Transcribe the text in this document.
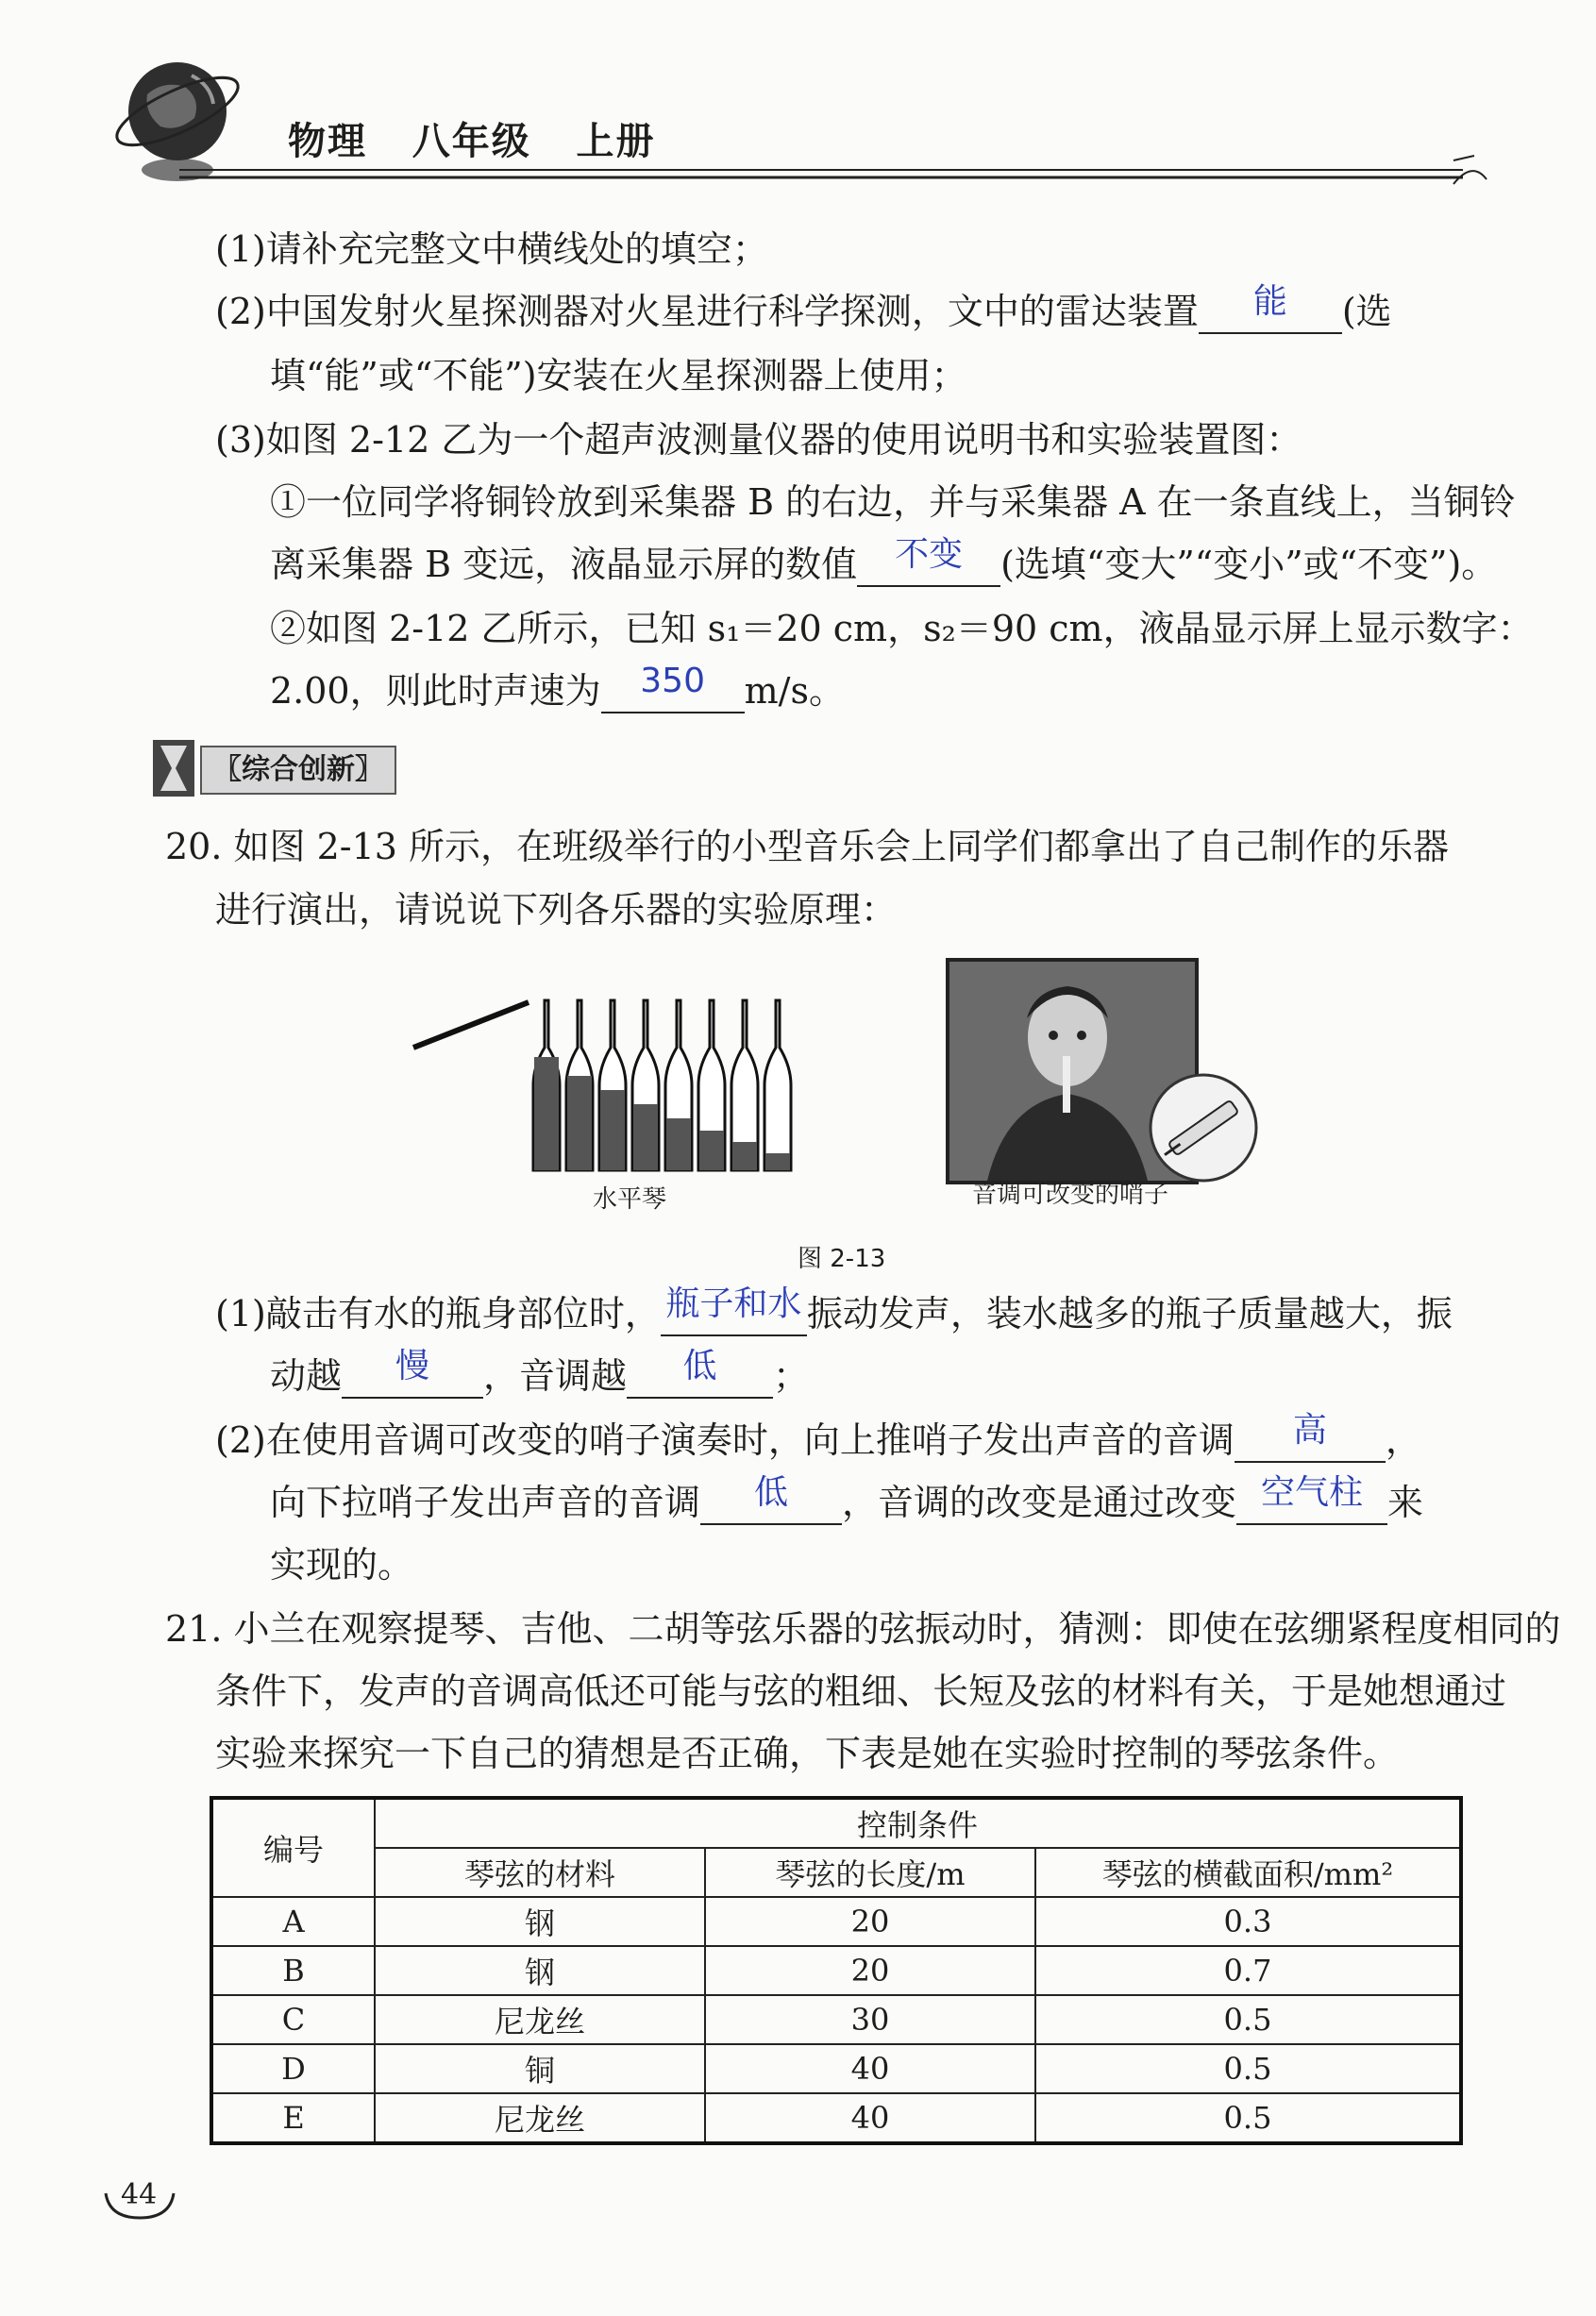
物理   八年级   上册
(1)请补充完整文中横线处的填空；
(2)中国发射火星探测器对火星进行科学探测，文中的雷达装置	能	(选
填“能”或“不能”)安装在火星探测器上使用；
(3)如图 2-12 乙为一个超声波测量仪器的使用说明书和实验装置图：
①一位同学将铜铃放到采集器 B 的右边，并与采集器 A 在一条直线上，当铜铃
离采集器 B 变远，液晶显示屏的数值	不变	(选填“变大”“变小”或“不变”)。
②如图 2-12 乙所示，已知 s₁＝20 cm，s₂＝90 cm，液晶显示屏上显示数字：
2.00，则此时声速为	350	m/s。
〖综合创新〗
20. 如图 2-13 所示，在班级举行的小型音乐会上同学们都拿出了自己制作的乐器
进行演出，请说说下列各乐器的实验原理：
水平琴	音调可改变的哨子
图 2-13
(1)敲击有水的瓶身部位时， 瓶子和水 振动发声，装水越多的瓶子质量越大，振
动越	慢	，音调越	低	；
(2)在使用音调可改变的哨子演奏时，向上推哨子发出声音的音调	高	，
向下拉哨子发出声音的音调	低	，音调的改变是通过改变 空气柱 来
实现的。
21. 小兰在观察提琴、吉他、二胡等弦乐器的弦振动时，猜测：即使在弦绷紧程度相同的
条件下，发声的音调高低还可能与弦的粗细、长短及弦的材料有关，于是她想通过
实验来探究一下自己的猜想是否正确，下表是她在实验时控制的琴弦条件。
编号	控制条件		
	琴弦的材料	琴弦的长度/m	琴弦的横截面积/mm²
A	钢	20	0.3
B	钢	20	0.7
C	尼龙丝	30	0.5
D	铜	40	0.5
E	尼龙丝	40	0.5
44
